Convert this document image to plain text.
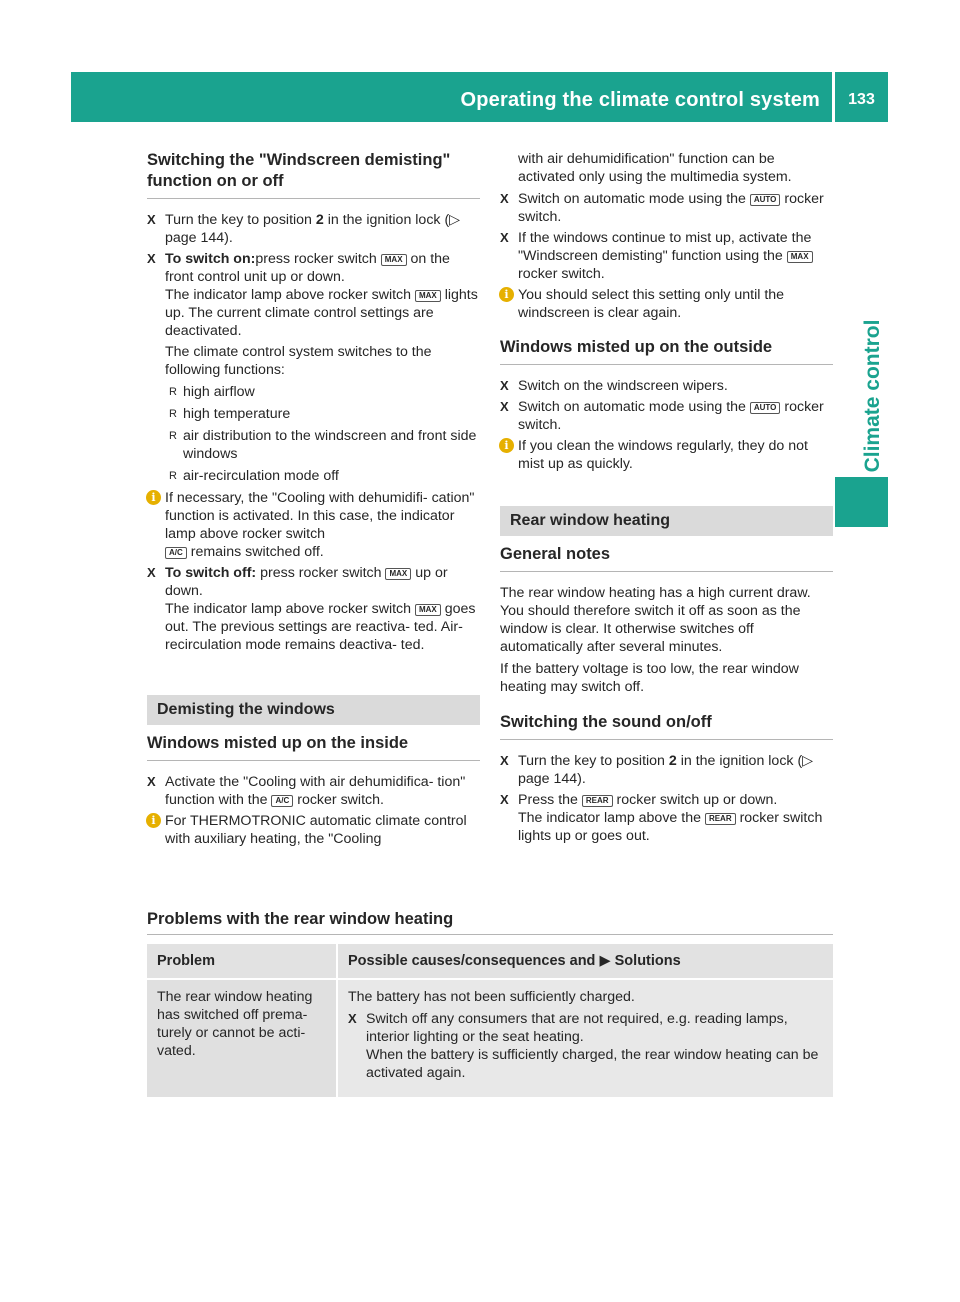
Operating the climate control system	133
Climate control
Switching the "Windscreen demisting" function on or off
X Turn the key to position 2 in the ignition lock (▷ page 144).
X To switch on:press rocker switch MAX on the front control unit up or down.
The indicator lamp above rocker switch MAX lights up. The current climate control settings are deactivated.

The climate control system switches to the following functions:

R high airflow
R high temperature
R air distribution to the windscreen and front side windows
R air-recirculation mode off
i If necessary, the "Cooling with dehumidifi- cation" function is activated. In this case, the indicator lamp above rocker switch
A/C remains switched off.
X To switch off: press rocker switch MAX up or down.
The indicator lamp above rocker switch MAX goes out. The previous settings are reactiva- ted. Air-recirculation mode remains deactiva- ted.
Demisting the windows
Windows misted up on the inside
X Activate the "Cooling with air dehumidifica- tion" function with the A/C rocker switch.
i For THERMOTRONIC automatic climate control with auxiliary heating, the "Cooling

with air dehumidification" function can be activated only using the multimedia system.

X Switch on automatic mode using the AUTO rocker switch.
X If the windows continue to mist up, activate the "Windscreen demisting" function using the MAX rocker switch.
i You should select this setting only until the windscreen is clear again.
Windows misted up on the outside
X Switch on the windscreen wipers.
X Switch on automatic mode using the AUTO rocker switch.
i If you clean the windows regularly, they do not mist up as quickly.
Rear window heating
General notes

The rear window heating has a high current draw. You should therefore switch it off as soon as the window is clear. It otherwise switches off automatically after several minutes.

If the battery voltage is too low, the rear window heating may switch off.

Switching the sound on/off
X Turn the key to position 2 in the ignition lock (▷ page 144).
X Press the REAR rocker switch up or down.
The indicator lamp above the REAR rocker switch lights up or goes out.
Problems with the rear window heating
Problem	Possible causes/consequences and ▶ Solutions
The rear window heating has switched off prema- turely or cannot be acti- vated.	The battery has not been sufficiently charged.

X Switch off any consumers that are not required, e.g. reading lamps, interior lighting or the seat heating.
When the battery is sufficiently charged, the rear window heating can be activated again.
